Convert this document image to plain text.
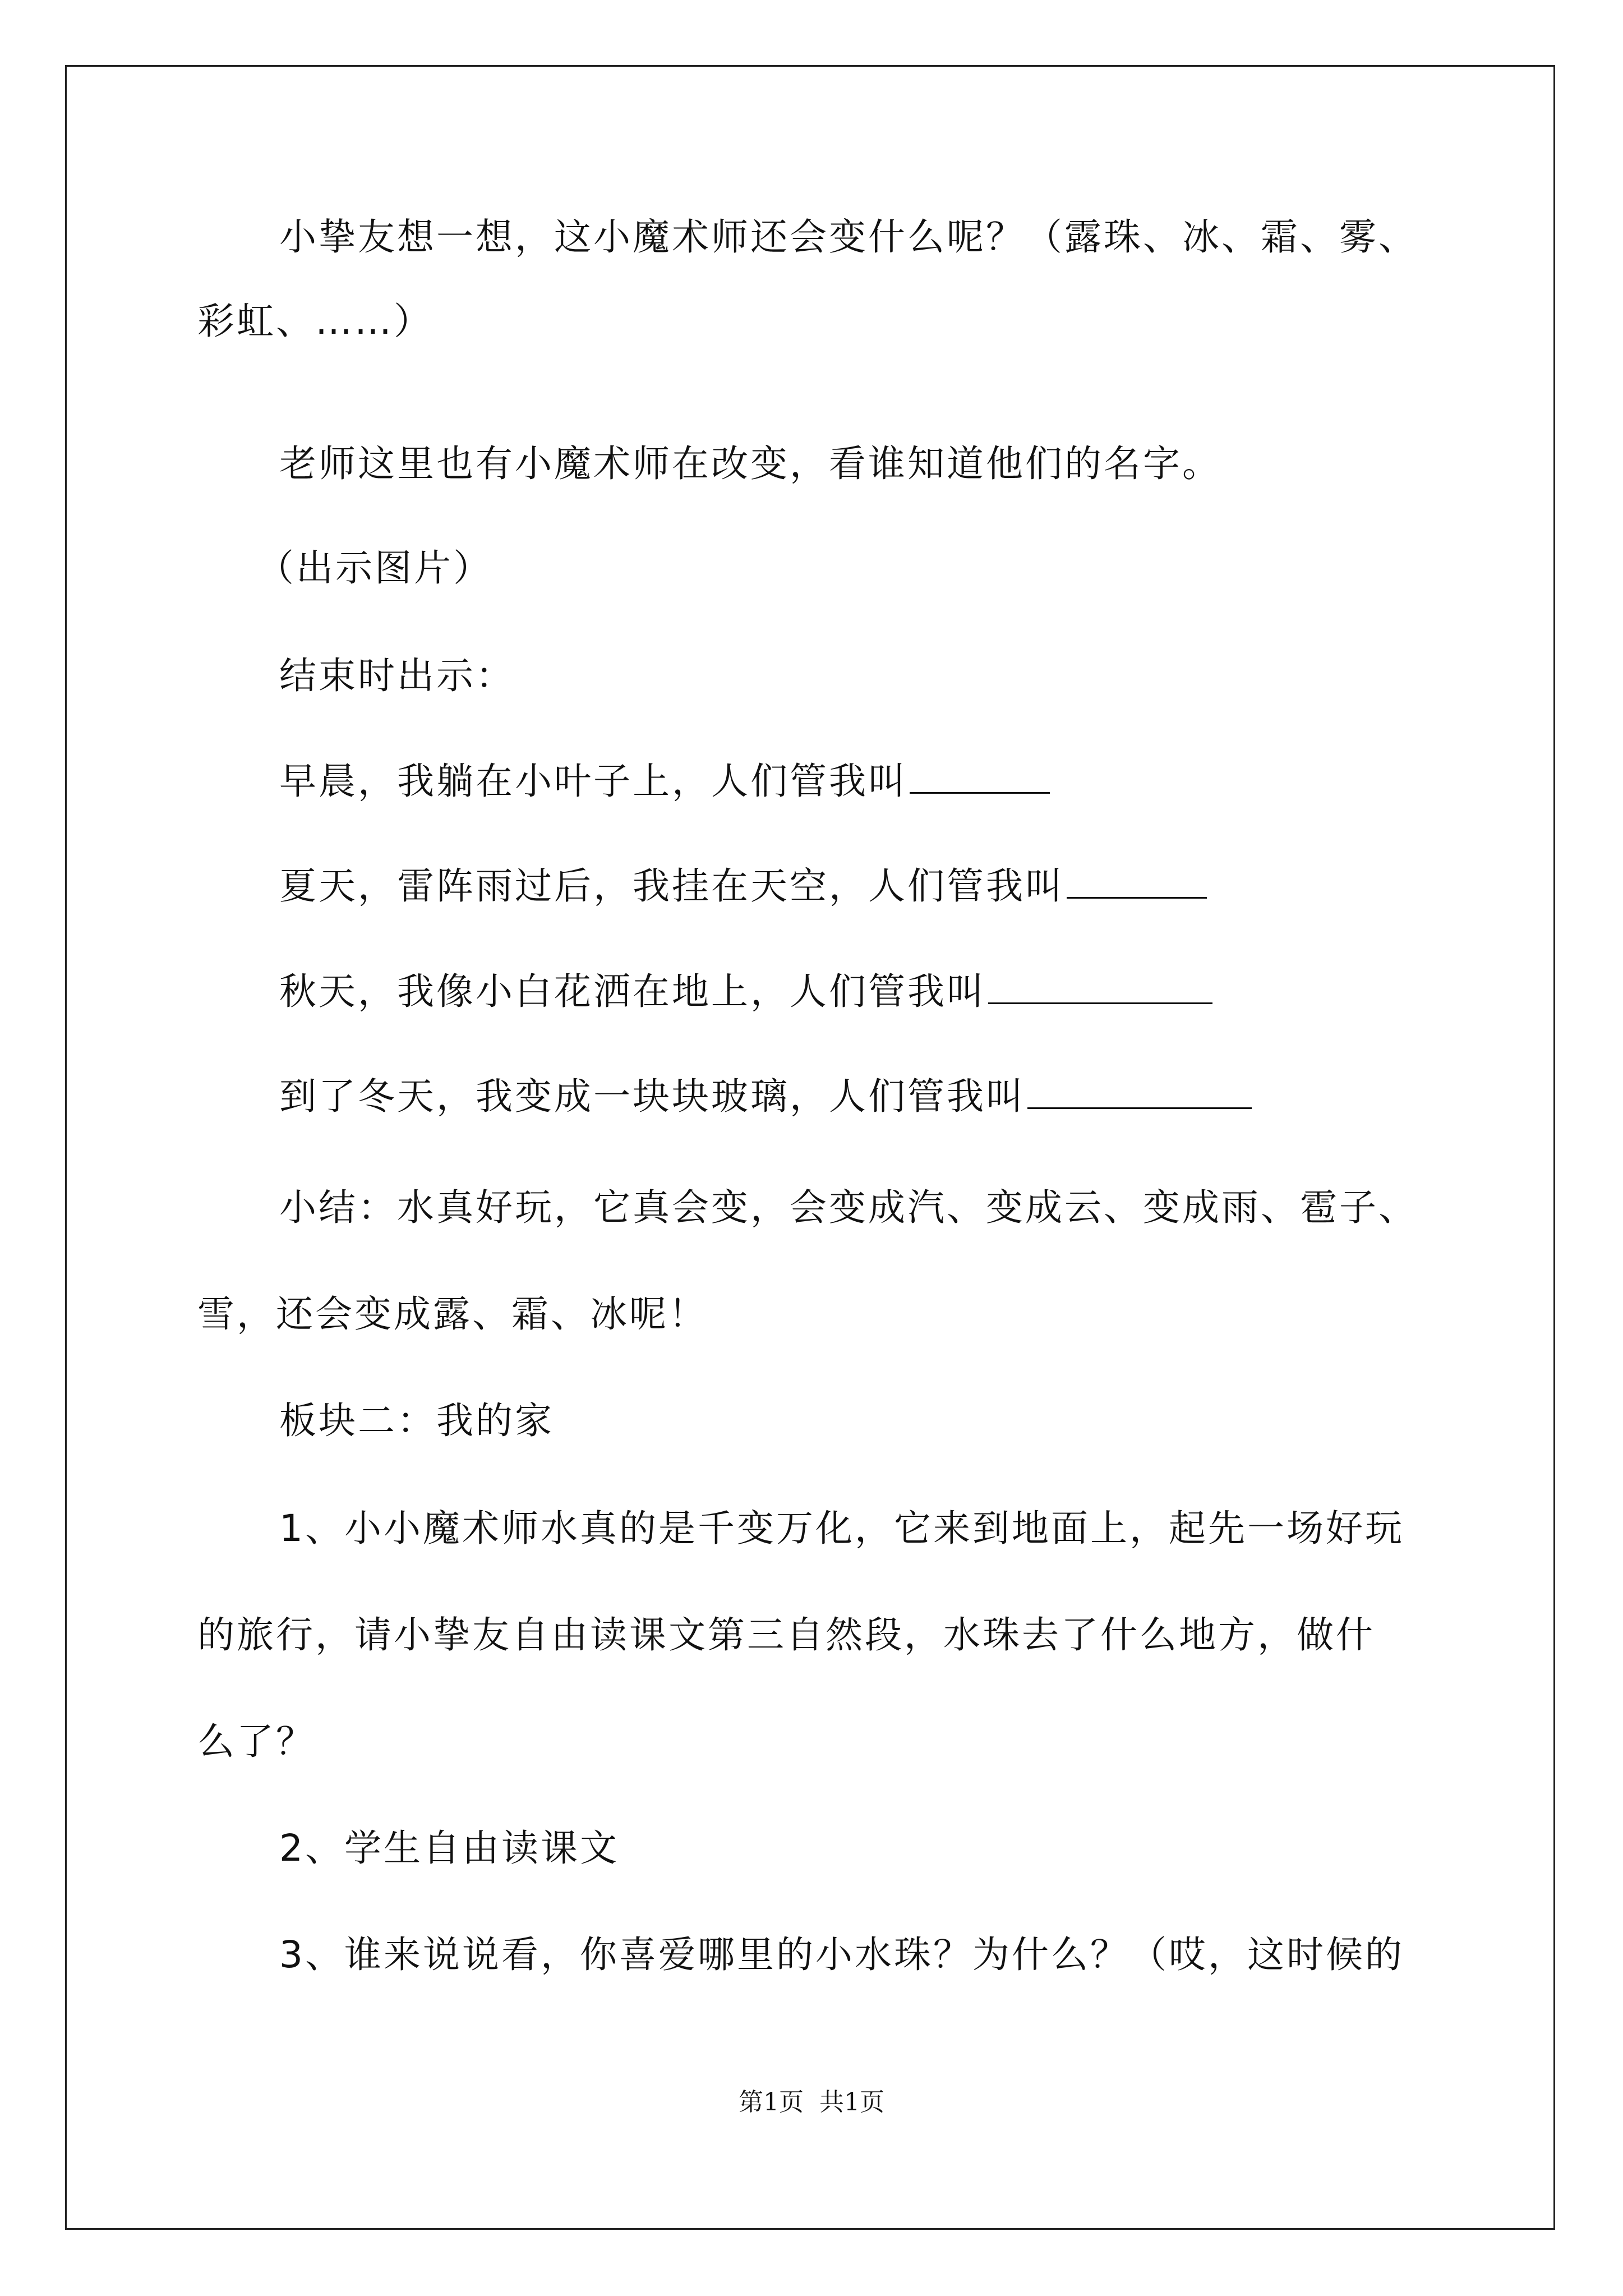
小挚友想一想，这小魔术师还会变什么呢？（露珠、冰、霜、雾、
彩虹、……）
老师这里也有小魔术师在改变，看谁知道他们的名字。
（出示图片）
结束时出示：
早晨，我躺在小叶子上，人们管我叫
夏天，雷阵雨过后，我挂在天空，人们管我叫
秋天，我像小白花洒在地上，人们管我叫
到了冬天，我变成一块块玻璃，人们管我叫
小结：水真好玩，它真会变，会变成汽、变成云、变成雨、雹子、
雪，还会变成露、霜、冰呢！
板块二：我的家
1、小小魔术师水真的是千变万化，它来到地面上，起先一场好玩
的旅行，请小挚友自由读课文第三自然段，水珠去了什么地方，做什
么了？
2、学生自由读课文
3、谁来说说看，你喜爱哪里的小水珠？为什么？（哎，这时候的
第1页 共1页
